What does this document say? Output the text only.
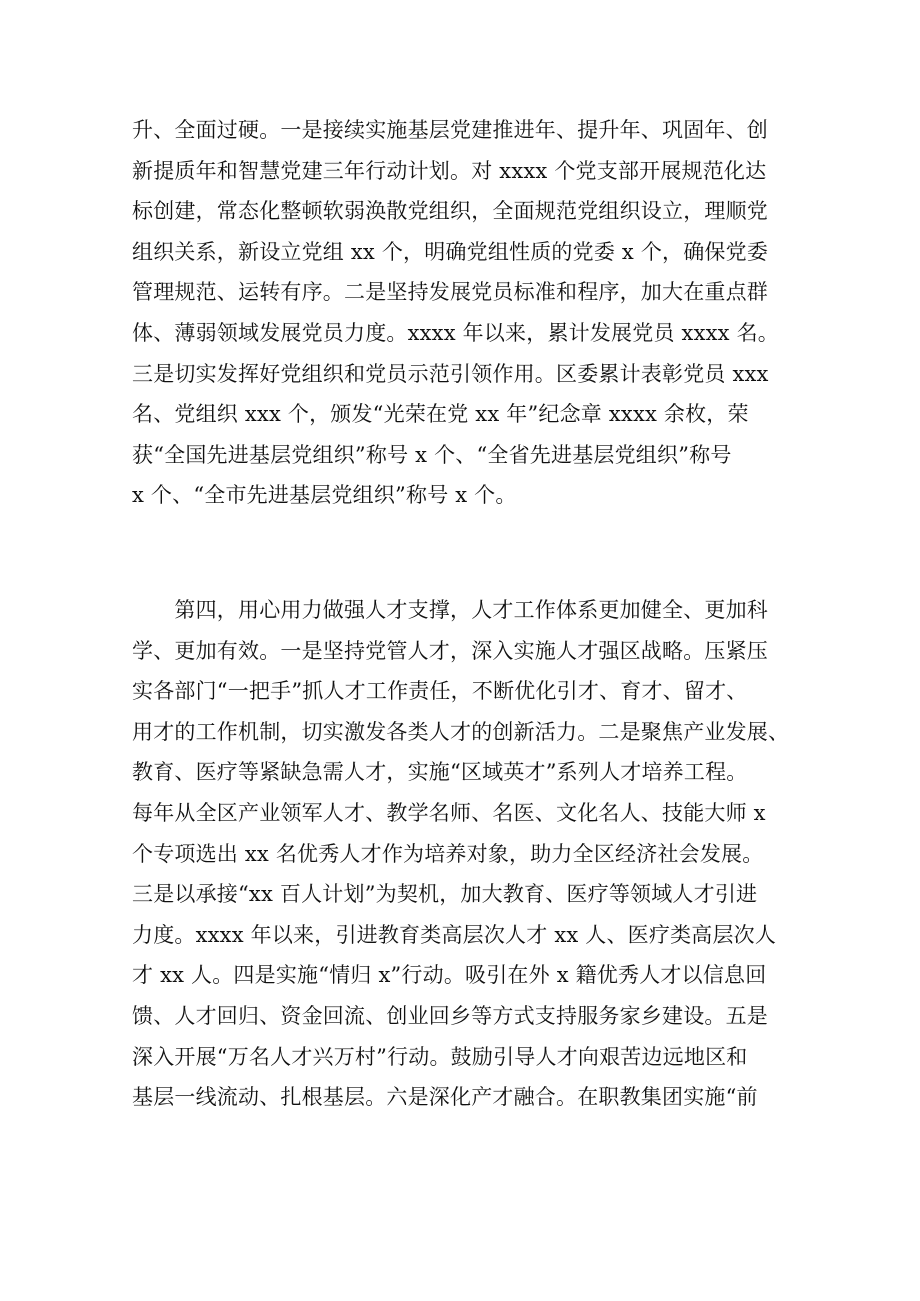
升、全面过硬。一是接续实施基层党建推进年、提升年、巩固年、创
新提质年和智慧党建三年行动计划。对 xxxx 个党支部开展规范化达
标创建，常态化整顿软弱涣散党组织，全面规范党组织设立，理顺党
组织关系，新设立党组 xx 个，明确党组性质的党委 x 个，确保党委
管理规范、运转有序。二是坚持发展党员标准和程序，加大在重点群
体、薄弱领域发展党员力度。xxxx 年以来，累计发展党员 xxxx 名。
三是切实发挥好党组织和党员示范引领作用。区委累计表彰党员 xxx
名、党组织 xxx 个，颁发“光荣在党 xx 年”纪念章 xxxx 余枚，荣
获“全国先进基层党组织”称号 x 个、“全省先进基层党组织”称号
x 个、“全市先进基层党组织”称号 x 个。
　　第四，用心用力做强人才支撑，人才工作体系更加健全、更加科
学、更加有效。一是坚持党管人才，深入实施人才强区战略。压紧压
实各部门“一把手”抓人才工作责任，不断优化引才、育才、留才、
用才的工作机制，切实激发各类人才的创新活力。二是聚焦产业发展、
教育、医疗等紧缺急需人才，实施“区域英才”系列人才培养工程。
每年从全区产业领军人才、教学名师、名医、文化名人、技能大师 x
个专项选出 xx 名优秀人才作为培养对象，助力全区经济社会发展。
三是以承接“xx 百人计划”为契机，加大教育、医疗等领域人才引进
力度。xxxx 年以来，引进教育类高层次人才 xx 人、医疗类高层次人
才 xx 人。四是实施“情归 x”行动。吸引在外 x 籍优秀人才以信息回
馈、人才回归、资金回流、创业回乡等方式支持服务家乡建设。五是
深入开展“万名人才兴万村”行动。鼓励引导人才向艰苦边远地区和
基层一线流动、扎根基层。六是深化产才融合。在职教集团实施“前
